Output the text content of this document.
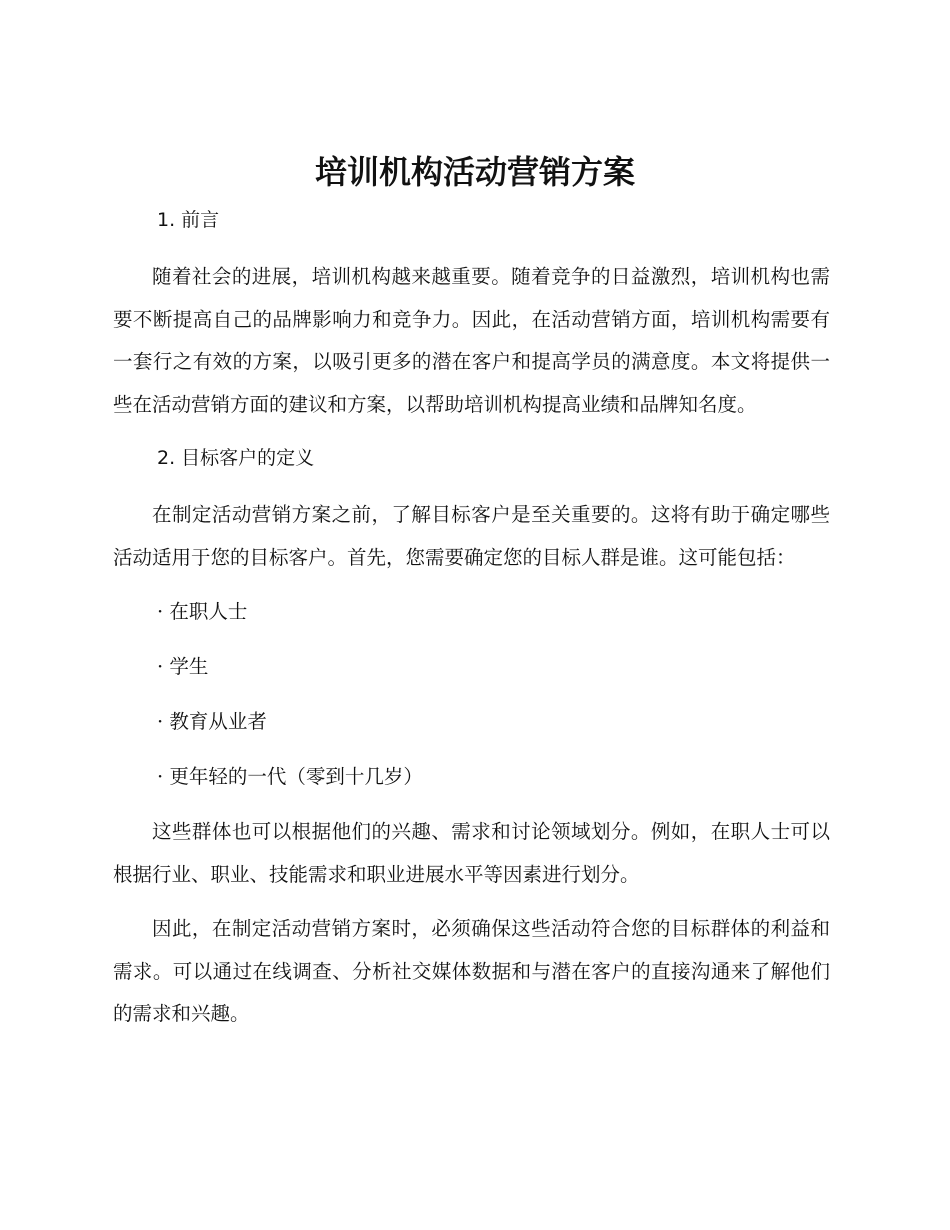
培训机构活动营销方案
1. 前言

随着社会的进展，培训机构越来越重要。随着竞争的日益激烈，培训机构也需要不断提高自己的品牌影响力和竞争力。因此，在活动营销方面，培训机构需要有一套行之有效的方案，以吸引更多的潜在客户和提高学员的满意度。本文将提供一些在活动营销方面的建议和方案，以帮助培训机构提高业绩和品牌知名度。

2. 目标客户的定义

在制定活动营销方案之前，了解目标客户是至关重要的。这将有助于确定哪些活动适用于您的目标客户。首先，您需要确定您的目标人群是谁。这可能包括：

· 在职人士

· 学生

· 教育从业者

· 更年轻的一代（零到十几岁）

这些群体也可以根据他们的兴趣、需求和讨论领域划分。例如，在职人士可以根据行业、职业、技能需求和职业进展水平等因素进行划分。

因此，在制定活动营销方案时，必须确保这些活动符合您的目标群体的利益和需求。可以通过在线调查、分析社交媒体数据和与潜在客户的直接沟通来了解他们的需求和兴趣。
